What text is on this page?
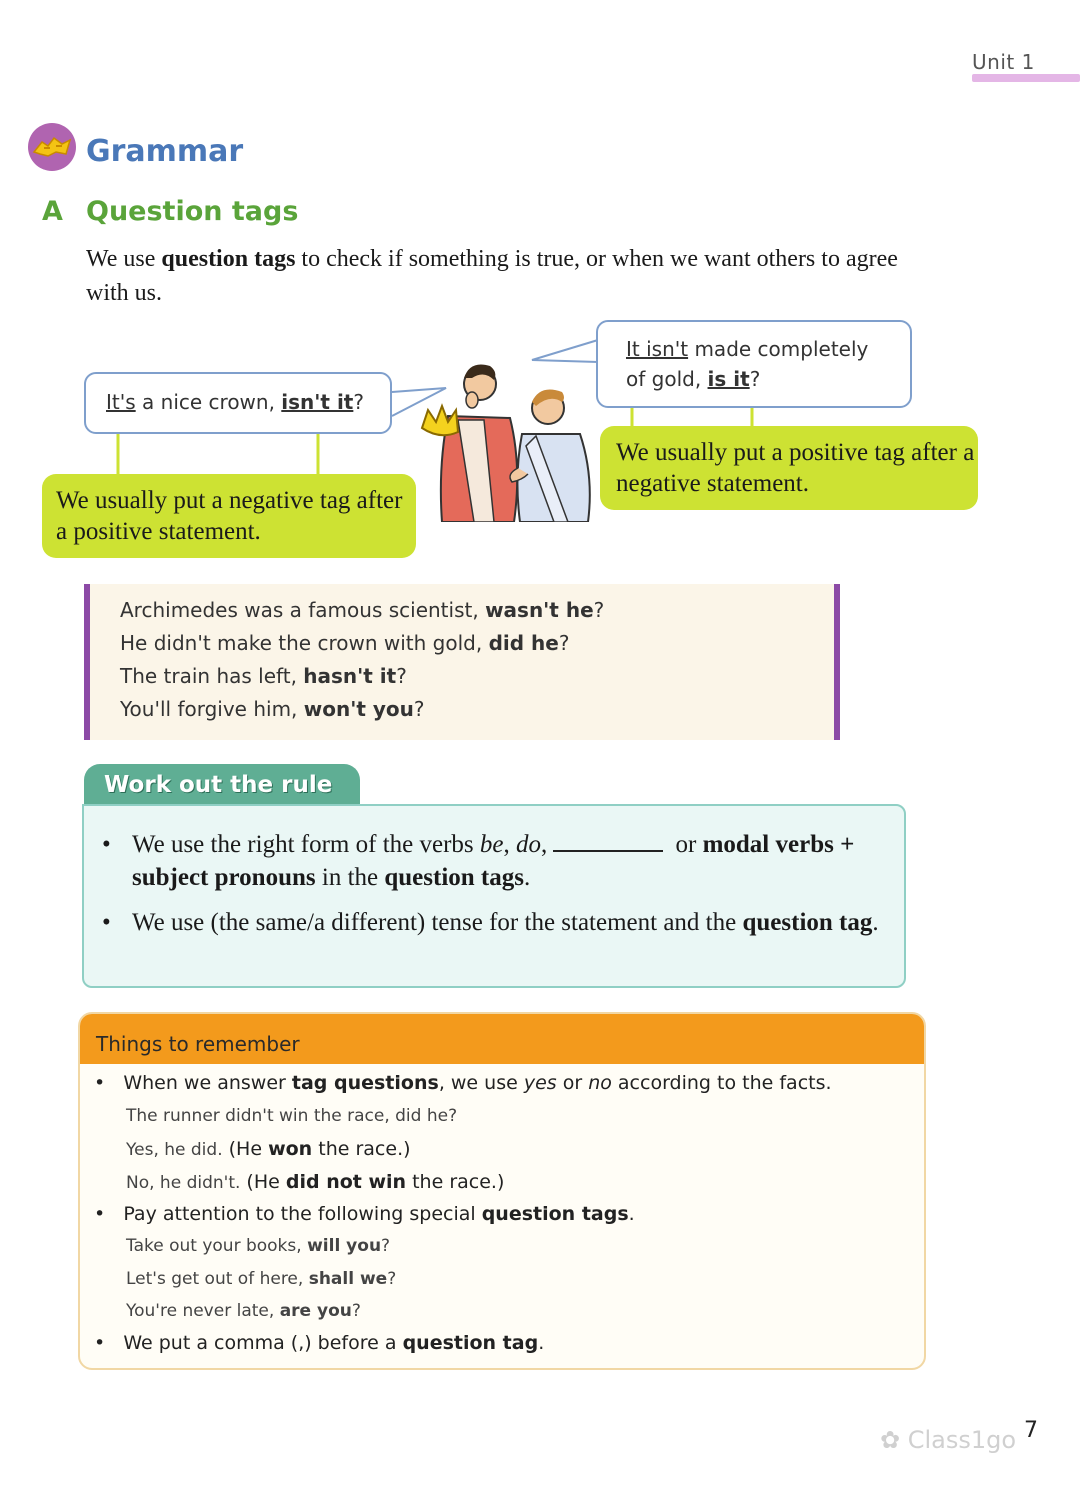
Unit 1
Grammar
A Question tags
We use question tags to check if something is true, or when we want others to agree with us.
It's a nice crown, isn't it?
It isn't made completely
of gold, is it?
We usually put a negative tag after a positive statement.
We usually put a positive tag after a negative statement.
Archimedes was a famous scientist, wasn't he?
He didn't make the crown with gold, did he?
The train has left, hasn't it?
You'll forgive him, won't you?
Work out the rule
• We use the right form of the verbs be, do,	or modal verbs + subject pronouns in the question tags.
• We use (the same/a different) tense for the statement and the question tag.
Things to remember
•   When we answer tag questions, we use yes or no according to the facts.
The runner didn't win the race, did he?
Yes, he did. (He won the race.)
No, he didn't. (He did not win the race.)
•   Pay attention to the following special question tags.
Take out your books, will you?
Let's get out of here, shall we?
You're never late, are you?
•   We put a comma (,) before a question tag.
✿ Class1go 7
